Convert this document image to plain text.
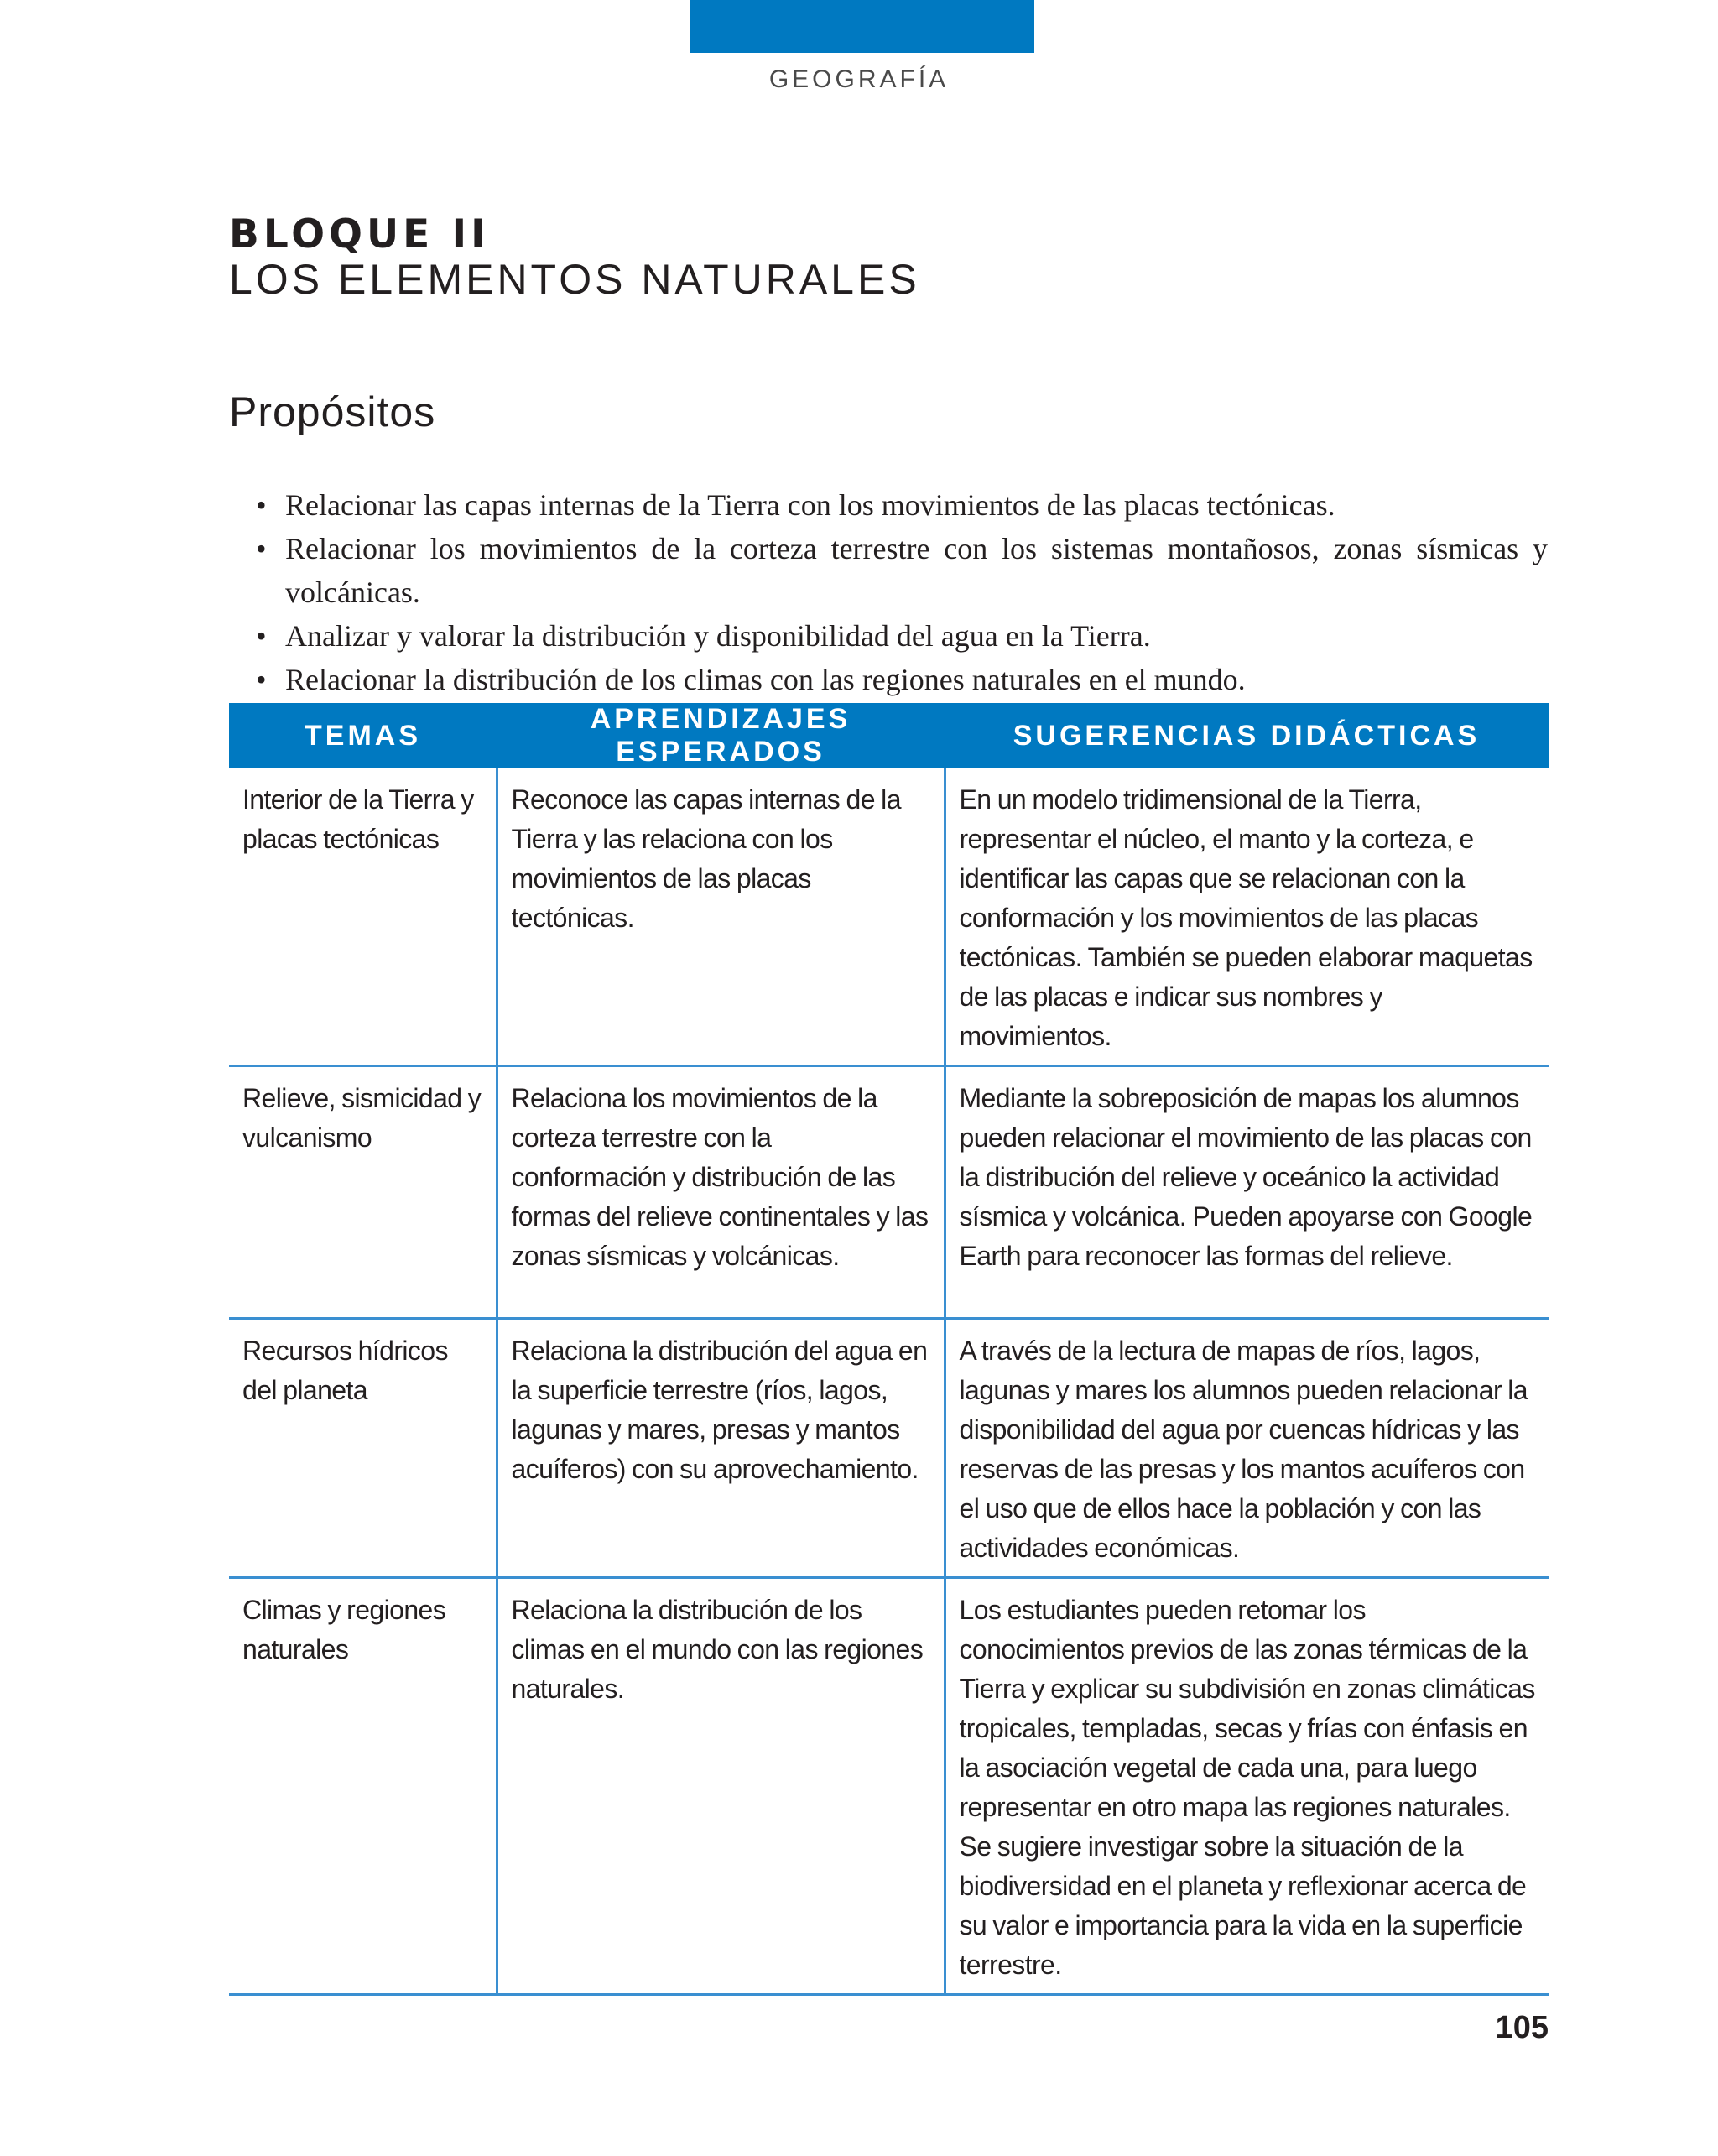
GEOGRAFÍA
BLOQUE II
LOS ELEMENTOS NATURALES
Propósitos
• Relacionar las capas internas de la Tierra con los movimientos de las placas tectónicas.
• Relacionar los movimientos de la corteza terrestre con los sistemas montañosos, zonas sísmicas y volcánicas.
• Analizar y valorar la distribución y disponibilidad del agua en la Tierra.
• Relacionar la distribución de los climas con las regiones naturales en el mundo.
TEMAS	APRENDIZAJES ESPERADOS	SUGERENCIAS DIDÁCTICAS
Interior de la Tierra y placas tectónicas	Reconoce las capas internas de la Tierra y las relaciona con los movimientos de las placas tectónicas.	En un modelo tridimensional de la Tierra, representar el núcleo, el manto y la corteza, e identificar las capas que se relacionan con la conformación y los movimientos de las placas tectónicas. También se pueden elaborar maquetas de las placas e indicar sus nombres y movimientos.
Relieve, sismicidad y vulcanismo	Relaciona los movimientos de la corteza terrestre con la conformación y distribución de las formas del relieve continentales y las zonas sísmicas y volcánicas.	Mediante la sobreposición de mapas los alumnos pueden relacionar el movimiento de las placas con la distribución del relieve y oceánico la actividad sísmica y volcánica. Pueden apoyarse con Google Earth para reconocer las formas del relieve.
Recursos hídricos del planeta	Relaciona la distribución del agua en la superficie terrestre (ríos, lagos, lagunas y mares, presas y mantos acuíferos) con su aprovechamiento.	A través de la lectura de mapas de ríos, lagos, lagunas y mares los alumnos pueden relacionar la disponibilidad del agua por cuencas hídricas y las reservas de las presas y los mantos acuíferos con el uso que de ellos hace la población y con las actividades económicas.
Climas y regiones naturales	Relaciona la distribución de los climas en el mundo con las regiones naturales.	Los estudiantes pueden retomar los conocimientos previos de las zonas térmicas de la Tierra y explicar su subdivisión en zonas climáticas tropicales, templadas, secas y frías con énfasis en la asociación vegetal de cada una, para luego representar en otro mapa las regiones naturales. Se sugiere investigar sobre la situación de la biodiversidad en el planeta y reflexionar acerca de su valor e importancia para la vida en la superficie terrestre.
105
